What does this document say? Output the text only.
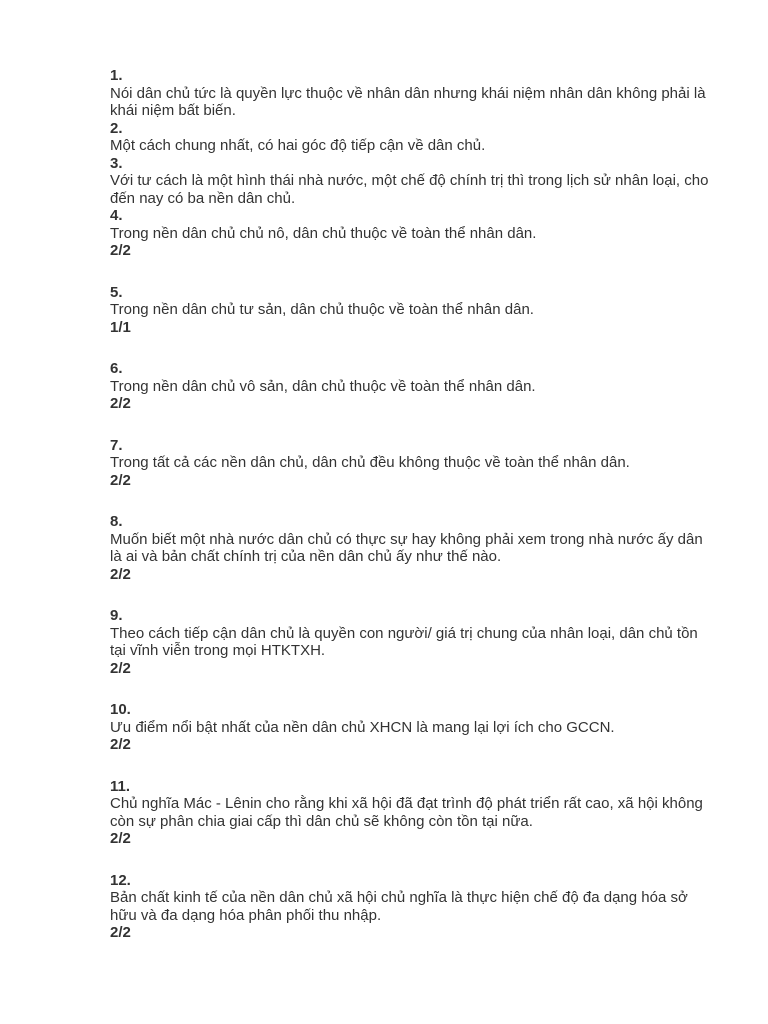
1.
Nói dân chủ tức là quyền lực thuộc về nhân dân nhưng khái niệm nhân dân không phải là khái niệm bất biến.
2.
Một cách chung nhất, có hai góc độ tiếp cận về dân chủ.
3.
Với tư cách là một hình thái nhà nước, một chế độ chính trị thì trong lịch sử nhân loại, cho đến nay có ba nền dân chủ.
4.
Trong nền dân chủ chủ nô, dân chủ thuộc về toàn thể nhân dân.
2/2
5.
Trong nền dân chủ tư sản, dân chủ thuộc về toàn thể nhân dân.
1/1
6.
Trong nền dân chủ vô sản, dân chủ thuộc về toàn thể nhân dân.
2/2
7.
Trong tất cả các nền dân chủ, dân chủ đều không thuộc về toàn thể nhân dân.
2/2
8.
Muốn biết một nhà nước dân chủ có thực sự hay không phải xem trong nhà nước ấy dân là ai và bản chất chính trị của nền dân chủ ấy như thế nào.
2/2
9.
Theo cách tiếp cận dân chủ là quyền con người/ giá trị chung của nhân loại, dân chủ tồn tại vĩnh viễn trong mọi HTKTXH.
2/2
10.
Ưu điểm nổi bật nhất của nền dân chủ XHCN là mang lại lợi ích cho GCCN.
2/2
11.
Chủ nghĩa Mác - Lênin cho rằng khi xã hội đã đạt trình độ phát triển rất cao, xã hội không còn sự phân chia giai cấp thì dân chủ sẽ không còn tồn tại nữa.
2/2
12.
Bản chất kinh tế của nền dân chủ xã hội chủ nghĩa là thực hiện chế độ đa dạng hóa sở hữu và đa dạng hóa phân phối thu nhập.
2/2
